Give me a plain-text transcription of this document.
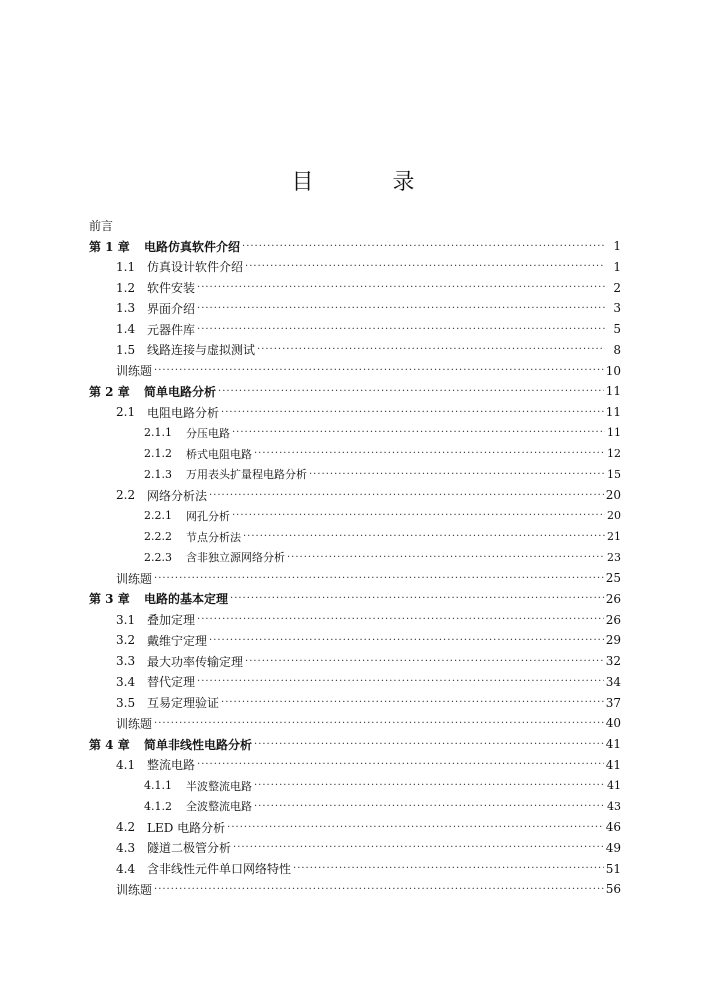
目 录
前言
第 1 章	电路仿真软件介绍 ·····	1
1.1 仿真设计软件介绍 ·····	1
1.2 软件安装 ·····	2
1.3 界面介绍 ·····	3
1.4 元器件库 ·····	5
1.5 线路连接与虚拟测试 ·····	8
训练题 ·····	10
第 2 章	简单电路分析 ·····	11
2.1 电阻电路分析 ·····	11
2.1.1	分压电路 ·····	11
2.1.2	桥式电阻电路 ·····	12
2.1.3	万用表头扩量程电路分析 ·····	15
2.2 网络分析法 ·····	20
2.2.1	网孔分析 ·····	20
2.2.2	节点分析法 ·····	21
2.2.3	含非独立源网络分析 ·····	23
训练题 ·····	25
第 3 章	电路的基本定理 ·····	26
3.1 叠加定理 ·····	26
3.2 戴维宁定理 ·····	29
3.3 最大功率传输定理 ·····	32
3.4 替代定理 ·····	34
3.5 互易定理验证 ·····	37
训练题 ·····	40
第 4 章	简单非线性电路分析 ·····	41
4.1 整流电路 ·····	41
4.1.1	半波整流电路 ·····	41
4.1.2	全波整流电路 ·····	43
4.2 LED 电路分析 ·····	46
4.3 隧道二极管分析 ·····	49
4.4 含非线性元件单口网络特性 ·····	51
训练题 ·····	56
